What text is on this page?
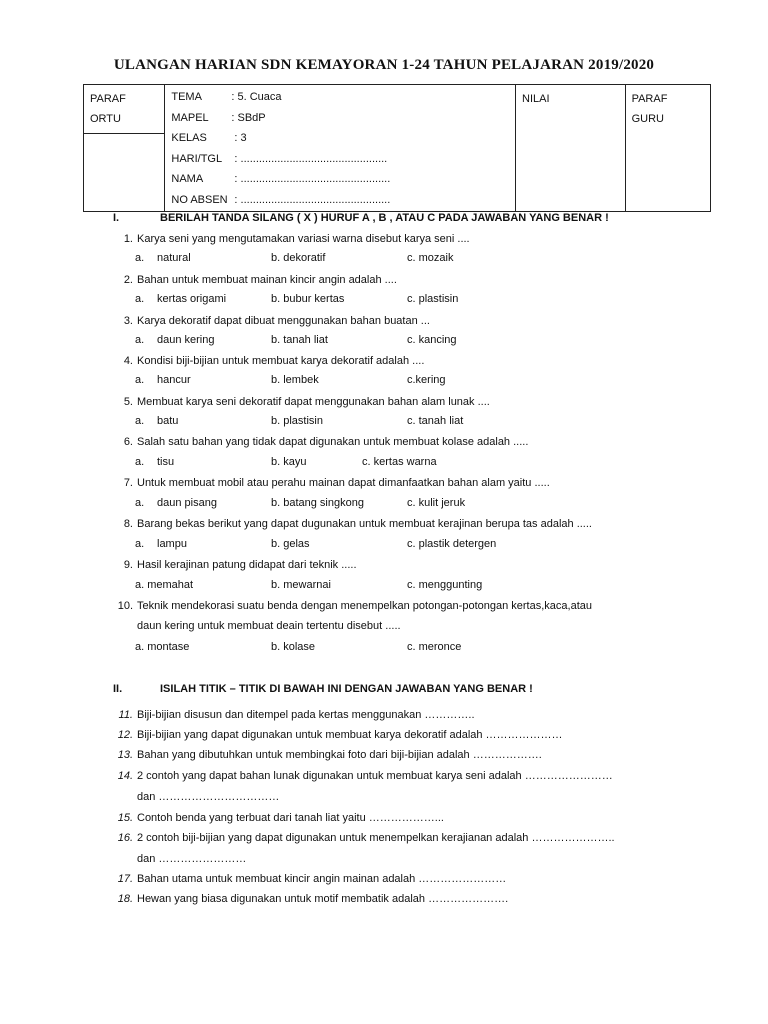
ULANGAN HARIAN SDN KEMAYORAN 1-24 TAHUN PELAJARAN 2019/2020
PARAF
ORTU

TEMA	: 5. Cuaca
MAPEL : SBdP
KELAS : 3
HARI/TGL : ................................................
NAMA	: .................................................
NO ABSEN : .................................................

NILAI	PARAF
GURU

I.	BERILAH TANDA SILANG ( X ) HURUF A , B , ATAU C PADA JAWABAN YANG BENAR !
1. Karya seni yang mengutamakan variasi warna disebut karya seni ....
a. natural	b. dekoratif	c. mozaik
2. Bahan untuk membuat mainan kincir angin adalah ....
a. kertas origami	b. bubur kertas	c. plastisin
3. Karya dekoratif dapat dibuat menggunakan bahan buatan ...
a. daun kering	b. tanah liat	c. kancing
4. Kondisi biji-bijian untuk membuat karya dekoratif adalah ....
a. hancur	b. lembek	c.kering
5. Membuat karya seni dekoratif dapat menggunakan bahan alam lunak ....
a. batu	b. plastisin	c. tanah liat
6. Salah satu bahan yang tidak dapat digunakan untuk membuat kolase adalah .....
a. tisu	b. kayu	c. kertas warna
7. Untuk membuat mobil atau perahu mainan dapat dimanfaatkan bahan alam yaitu .....
a. daun pisang	b. batang singkong	c. kulit jeruk
8. Barang bekas berikut yang dapat dugunakan untuk membuat kerajinan berupa tas adalah .....
a. lampu	b. gelas	c. plastik detergen
9. Hasil kerajinan patung didapat dari teknik .....
a. memahat	b. mewarnai	c. menggunting
10. Teknik mendekorasi suatu benda dengan menempelkan potongan-potongan kertas,kaca,atau
daun kering untuk membuat deain tertentu disebut .....
a. montase	b. kolase	c. meronce
II.	ISILAH TITIK – TITIK DI BAWAH INI DENGAN JAWABAN YANG BENAR !
11. Biji-bijian disusun dan ditempel pada kertas menggunakan …………..
12. Biji-bijian yang dapat digunakan untuk membuat karya dekoratif adalah …………………
13. Bahan yang dibutuhkan untuk membingkai foto dari biji-bijian adalah ……………….
14. 2 contoh yang dapat bahan lunak digunakan untuk membuat karya seni adalah ……………………
dan ……………………………
15. Contoh benda yang terbuat dari tanah liat yaitu ………………...
16. 2 contoh biji-bijian yang dapat digunakan untuk menempelkan kerajianan adalah …………………..
dan ……………………
17. Bahan utama untuk membuat kincir angin mainan adalah ……………………
18. Hewan yang biasa digunakan untuk motif membatik adalah ………………….
